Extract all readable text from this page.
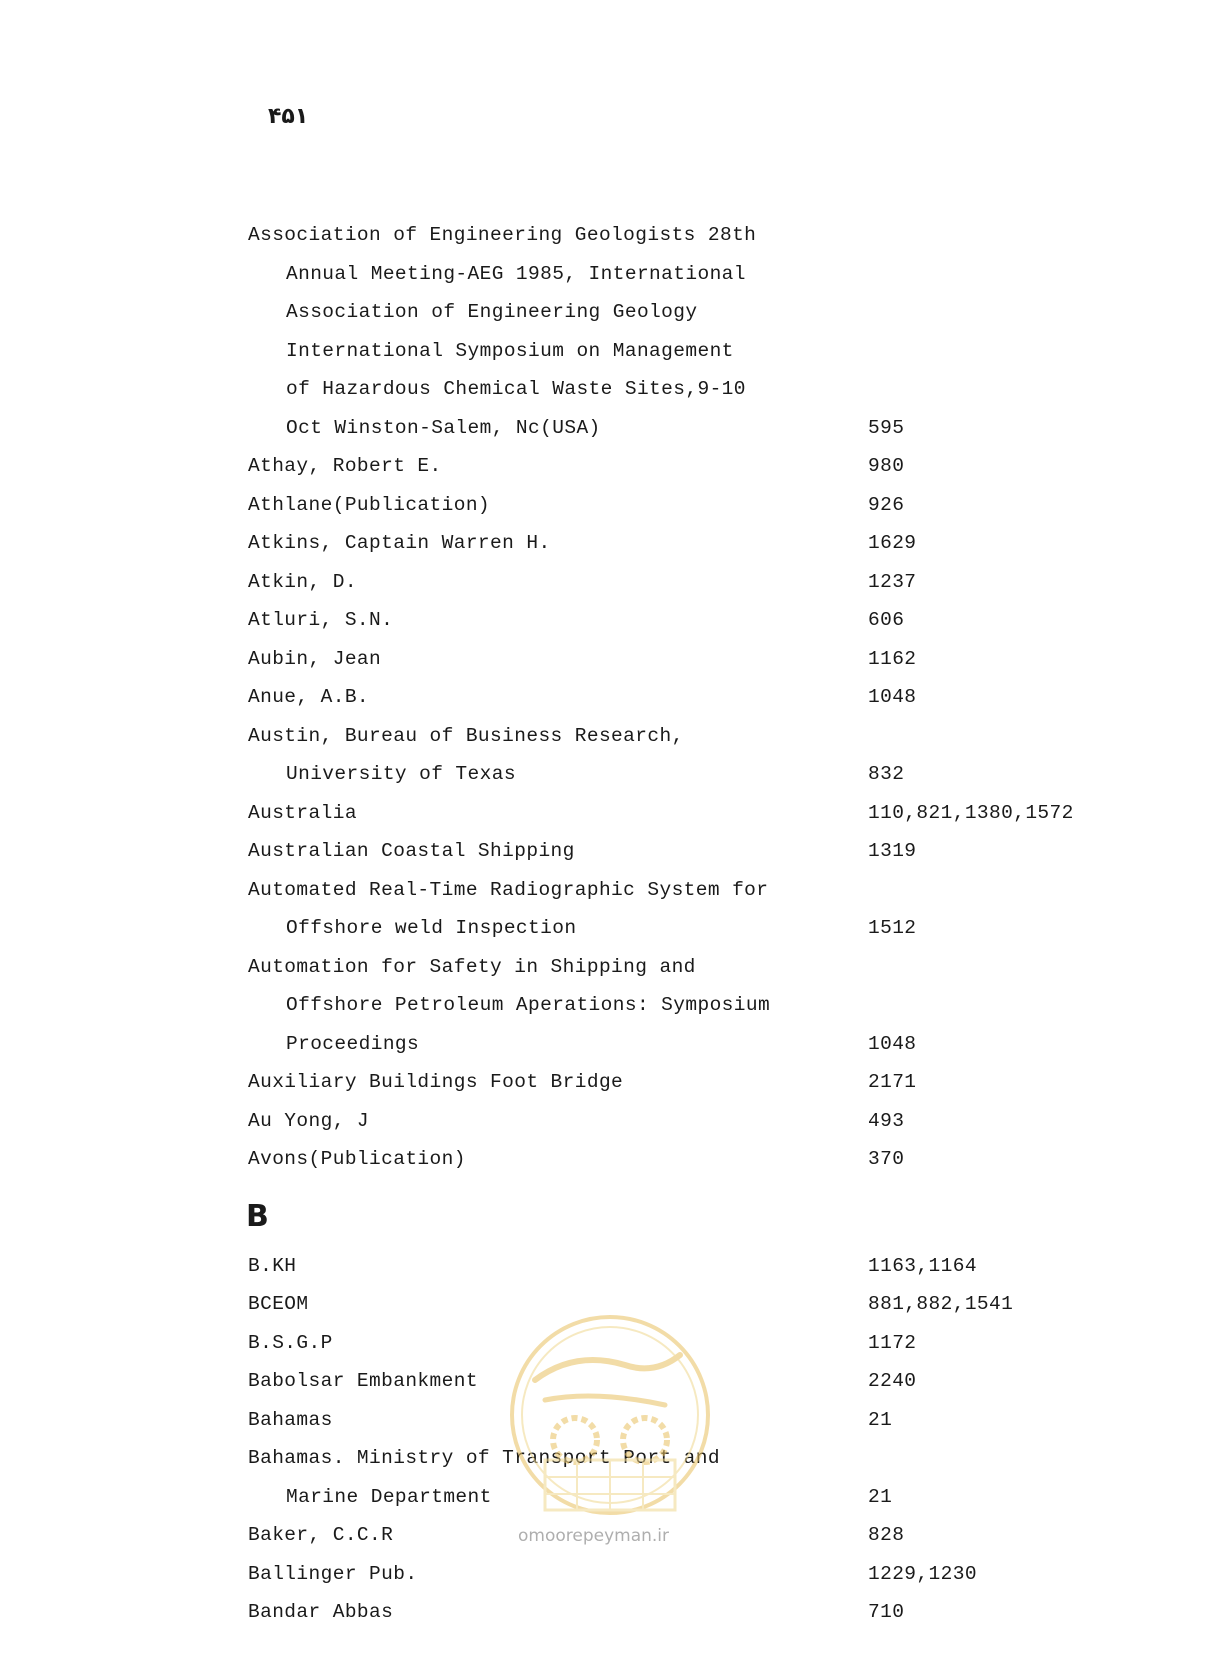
۴۵۱
Association of Engineering Geologists 28th
Annual Meeting-AEG 1985, International
Association of Engineering Geology
International Symposium on Management
of Hazardous Chemical Waste Sites,9-10
Oct Winston-Salem, Nc(USA)	595
Athay, Robert E.	980
Athlane(Publication)	926
Atkins, Captain Warren H.	1629
Atkin, D.	1237
Atluri, S.N.	606
Aubin, Jean	1162
Anue, A.B.	1048
Austin, Bureau of Business Research,
University of Texas	832
Australia	110,821,1380,1572
Australian Coastal Shipping	1319
Automated Real-Time Radiographic System for
Offshore weld Inspection	1512
Automation for Safety in Shipping and
Offshore Petroleum Aperations: Symposium
Proceedings	1048
Auxiliary Buildings Foot Bridge	2171
Au Yong, J	493
Avons(Publication)	370
B
B.KH	1163,1164
BCEOM	881,882,1541
B.S.G.P	1172
Babolsar Embankment	2240
Bahamas	21
Bahamas. Ministry of Transport Port and
Marine Department	21
Baker, C.C.R	828
Ballinger Pub.	1229,1230
Bandar Abbas	710
omoorepeyman.ir
